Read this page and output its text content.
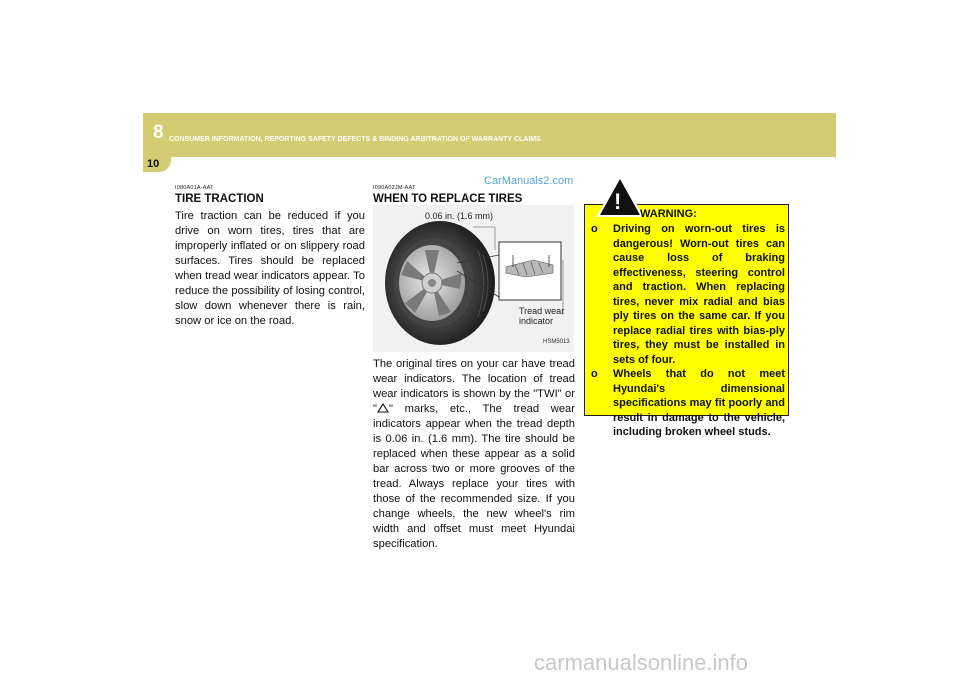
8 CONSUMER INFORMATION, REPORTING SAFETY DEFECTS & BINDING ARBITRATION OF WARRANTY CLAIMS
10
CarManuals2.com
I080A01A-AAT
TIRE TRACTION
Tire traction can be reduced if you drive on worn tires, tires that are improperly inflated or on slippery road surfaces. Tires should be replaced when tread wear indicators appear. To reduce the possibility of losing control, slow down whenever there is rain, snow or ice on the road.
I090A02JM-AAT
WHEN TO REPLACE TIRES
0.06 in. (1.6 mm)
Tread wear
indicator
HSM5013
The original tires on your car have tread wear indicators. The location of tread wear indicators is shown by the "TWI" or " " marks, etc., The tread wear indicators appear when the tread depth is 0.06 in. (1.6 mm). The tire should be replaced when these appear as a solid bar across two or more grooves of the tread. Always replace your tires with those of the recommended size. If you change wheels, the new wheel's rim width and offset must meet Hyundai specification.
! WARNING:
o	Driving on worn-out tires is dangerous! Worn-out tires can cause loss of braking effectiveness, steering control and traction. When replacing tires, never mix radial and bias ply tires on the same car. If you replace radial tires with bias-ply tires, they must be installed in sets of four.
o	Wheels that do not meet Hyundai's dimensional specifications may fit poorly and result in damage to the vehicle, including broken wheel studs.
carmanualsonline.info
